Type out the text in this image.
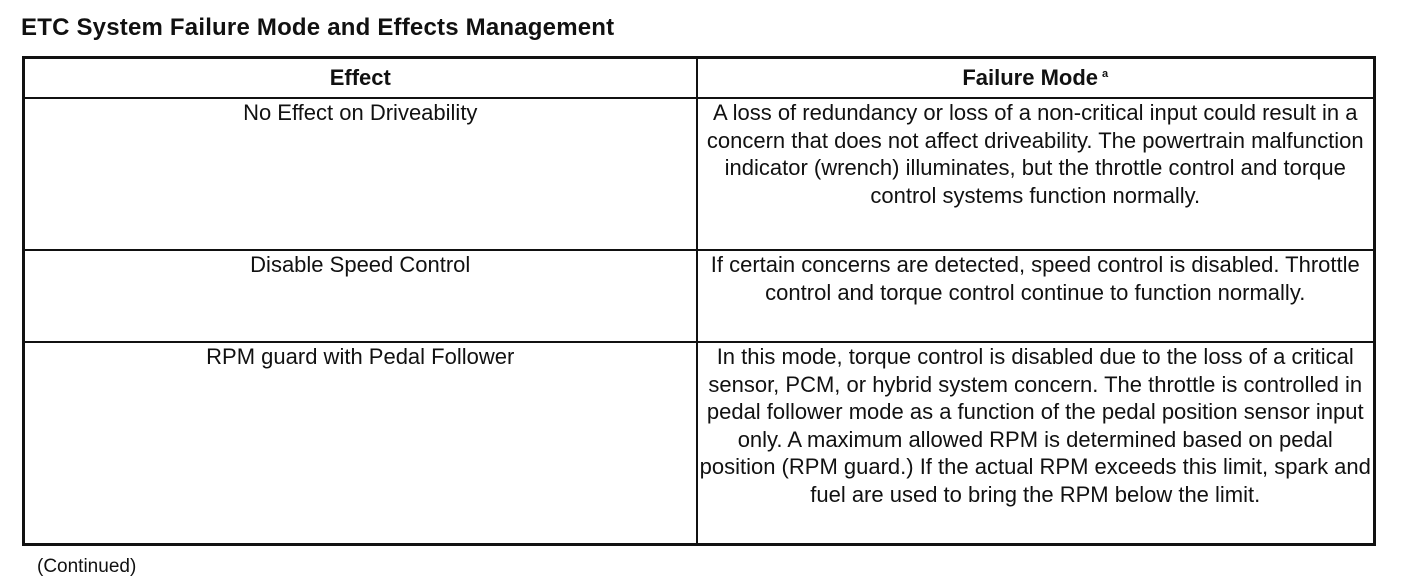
ETC System Failure Mode and Effects Management
Effect	Failure Mode $^a$
No Effect on Driveability	A loss of redundancy or loss of a non-critical input could result in a concern that does not affect driveability. The powertrain malfunction indicator (wrench) illuminates, but the throttle control and torque control systems function normally.
Disable Speed Control	If certain concerns are detected, speed control is disabled. Throttle control and torque control continue to function normally.
RPM guard with Pedal Follower	In this mode, torque control is disabled due to the loss of a critical sensor, PCM, or hybrid system concern. The throttle is controlled in pedal follower mode as a function of the pedal position sensor input only. A maximum allowed RPM is determined based on pedal position (RPM guard.) If the actual RPM exceeds this limit, spark and fuel are used to bring the RPM below the limit.
(Continued)
